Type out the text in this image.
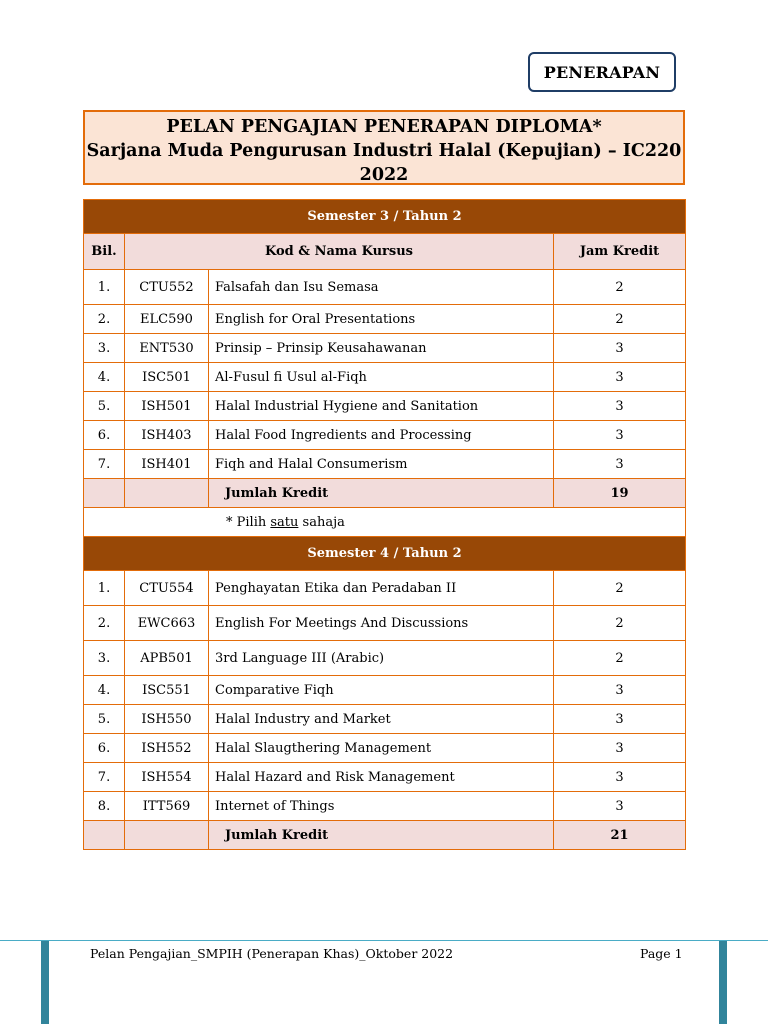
PENERAPAN
PELAN PENGAJIAN PENERAPAN DIPLOMA*
Sarjana Muda Pengurusan Industri Halal (Kepujian) – IC220
2022
Semester 3 / Tahun 2			
Bil.	Kod & Nama Kursus		Jam Kredit
1.	CTU552	Falsafah dan Isu Semasa	2
2.	ELC590	English for Oral Presentations	2
3.	ENT530	Prinsip – Prinsip Keusahawanan	3
4.	ISC501	Al-Fusul fi Usul al-Fiqh	3
5.	ISH501	Halal Industrial Hygiene and Sanitation	3
6.	ISH403	Halal Food Ingredients and Processing	3
7.	ISH401	Fiqh and Halal Consumerism	3
		Jumlah Kredit	19
* Pilih satu sahaja			
Semester 4 / Tahun 2			
1.	CTU554	Penghayatan Etika dan Peradaban II	2
2.	EWC663	English For Meetings And Discussions	2
3.	APB501	3rd Language III (Arabic)	2
4.	ISC551	Comparative Fiqh	3
5.	ISH550	Halal Industry and Market	3
6.	ISH552	Halal Slaugthering Management	3
7.	ISH554	Halal Hazard and Risk Management	3
8.	ITT569	Internet of Things	3
		Jumlah Kredit	21
Pelan Pengajian_SMPIH (Penerapan Khas)_Oktober 2022	Page 1
